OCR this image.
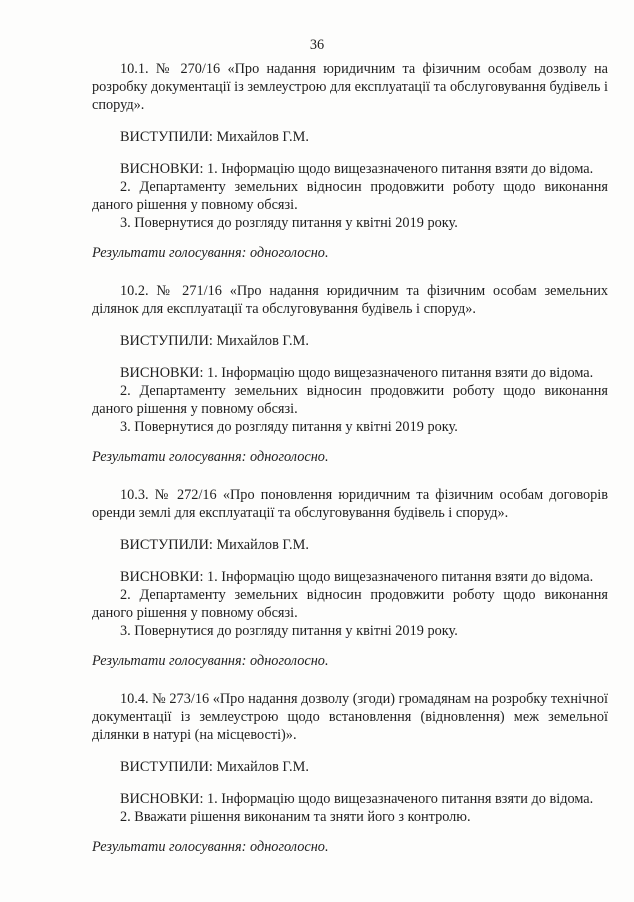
36

10.1. № 270/16 «Про надання юридичним та фізичним особам дозволу на розробку документації із землеустрою для експлуатації та обслуговування будівель і споруд».

ВИСТУПИЛИ: Михайлов Г.М.

ВИСНОВКИ: 1. Інформацію щодо вищезазначеного питання взяти до відома.

2. Департаменту земельних відносин продовжити роботу щодо виконання даного рішення у повному обсязі.

3. Повернутися до розгляду питання у квітні 2019 року.

Результати голосування: одноголосно.

10.2. № 271/16 «Про надання юридичним та фізичним особам земельних ділянок для експлуатації та обслуговування будівель і споруд».

ВИСТУПИЛИ: Михайлов Г.М.

ВИСНОВКИ: 1. Інформацію щодо вищезазначеного питання взяти до відома.

2. Департаменту земельних відносин продовжити роботу щодо виконання даного рішення у повному обсязі.

3. Повернутися до розгляду питання у квітні 2019 року.

Результати голосування: одноголосно.

10.3. № 272/16 «Про поновлення юридичним та фізичним особам договорів оренди землі для експлуатації та обслуговування будівель і споруд».

ВИСТУПИЛИ: Михайлов Г.М.

ВИСНОВКИ: 1. Інформацію щодо вищезазначеного питання взяти до відома.

2. Департаменту земельних відносин продовжити роботу щодо виконання даного рішення у повному обсязі.

3. Повернутися до розгляду питання у квітні 2019 року.

Результати голосування: одноголосно.

10.4. № 273/16 «Про надання дозволу (згоди) громадянам на розробку технічної документації із землеустрою щодо встановлення (відновлення) меж земельної ділянки в натурі (на місцевості)».

ВИСТУПИЛИ: Михайлов Г.М.

ВИСНОВКИ: 1. Інформацію щодо вищезазначеного питання взяти до відома.

2. Вважати рішення виконаним та зняти його з контролю.

Результати голосування: одноголосно.
